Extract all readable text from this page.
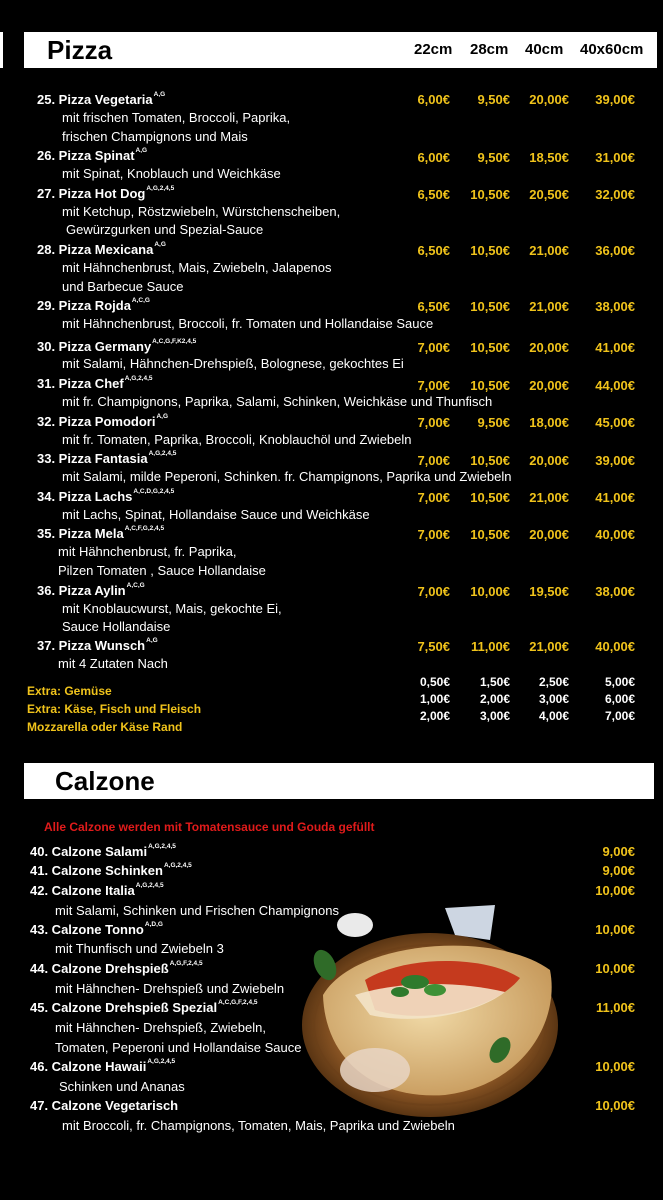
Pizza	22cm 28cm 40cm 40x60cm
25. Pizza Vegetaria$^{A,G}$
mit frischen Tomaten, Broccoli, Paprika,
frischen Champignons und Mais
6,00€	9,50€	20,00€	39,00€
26. Pizza Spinat$^{A,G}$
mit Spinat, Knoblauch und Weichkäse
6,00€	9,50€	18,50€	31,00€
27. Pizza Hot Dog$^{A,G,2,4,5}$
mit Ketchup, Röstzwiebeln, Würstchenscheiben,
Gewürzgurken und Spezial-Sauce
6,50€	10,50€	20,50€	32,00€
28. Pizza Mexicana$^{A,G}$
mit Hähnchenbrust, Mais, Zwiebeln, Jalapenos
und Barbecue Sauce
6,50€	10,50€	21,00€	36,00€
29. Pizza Rojda$^{A,C,G}$
mit Hähnchenbrust, Broccoli, fr. Tomaten und Hollandaise Sauce
6,50€	10,50€	21,00€	38,00€
30. Pizza Germany$^{A,C,G,F,K2,4,5}$
mit Salami, Hähnchen-Drehspieß, Bolognese, gekochtes Ei
7,00€	10,50€	20,00€	41,00€
31. Pizza Chef$^{A,G,2,4,5}$
mit fr. Champignons, Paprika, Salami, Schinken, Weichkäse und Thunfisch
7,00€	10,50€	20,00€	44,00€
32. Pizza Pomodori$^{A,G}$
mit fr. Tomaten, Paprika, Broccoli, Knoblauchöl und Zwiebeln
7,00€	9,50€	18,00€	45,00€
33. Pizza Fantasia$^{A,G,2,4,5}$
mit Salami, milde Peperoni, Schinken. fr. Champignons, Paprika und Zwiebeln
7,00€	10,50€	20,00€	39,00€
34. Pizza Lachs$^{A,C,D,G,2,4,5}$
mit Lachs, Spinat, Hollandaise Sauce und Weichkäse
7,00€	10,50€	21,00€	41,00€
35. Pizza Mela$^{A,C,F,G,2,4,5}$
mit Hähnchenbrust, fr. Paprika,
Pilzen Tomaten , Sauce Hollandaise
7,00€	10,50€	20,00€	40,00€
36. Pizza Aylin$^{A,C,G}$
mit Knoblaucwurst, Mais, gekochte Ei,
Sauce Hollandaise
7,00€	10,00€	19,50€	38,00€
37. Pizza Wunsch$^{A,G}$
mit 4 Zutaten Nach
7,50€	11,00€	21,00€	40,00€
Extra: Gemüse
0,50€	1,50€	2,50€	5,00€
Extra: Käse, Fisch und Fleisch
1,00€	2,00€	3,00€	6,00€
Mozzarella oder Käse Rand
2,00€	3,00€	4,00€	7,00€
Calzone
Alle Calzone werden mit Tomatensauce und Gouda gefüllt
40. Calzone Salami$^{A,G,2,4,5}$	9,00€
41. Calzone Schinken$^{A,G,2,4,5}$	9,00€
42. Calzone Italia$^{A,G,2,4,5}$
mit Salami, Schinken und Frischen Champignons
10,00€
43. Calzone Tonno$^{A,D,G}$
mit Thunfisch und Zwiebeln 3
10,00€
44. Calzone Drehspieß$^{A,G,F,2,4,5}$
mit Hähnchen- Drehspieß und Zwiebeln
10,00€
45. Calzone Drehspieß Spezial$^{A,C,G,F,2,4,5}$
mit Hähnchen- Drehspieß, Zwiebeln,
Tomaten, Peperoni und Hollandaise Sauce
11,00€
46. Calzone Hawaii$^{A,G,2,4,5}$
Schinken und Ananas
10,00€
47. Calzone Vegetarisch
mit Broccoli, fr. Champignons, Tomaten, Mais, Paprika und Zwiebeln
10,00€
